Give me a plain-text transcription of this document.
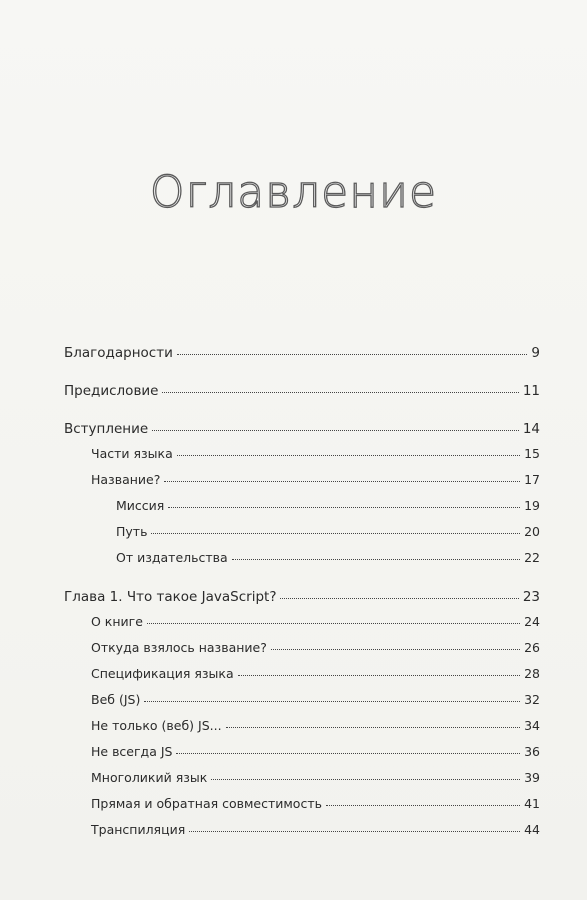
Оглавление
Благодарности	9
Предисловие	11
Вступление	14
Части языка	15
Название?	17
Миссия	19
Путь	20
От издательства	22
Глава 1. Что такое JavaScript?	23
О книге	24
Откуда взялось название?	26
Спецификация языка	28
Веб (JS)	32
Не только (веб) JS...	34
Не всегда JS	36
Многоликий язык	39
Прямая и обратная совместимость	41
Транспиляция	44
